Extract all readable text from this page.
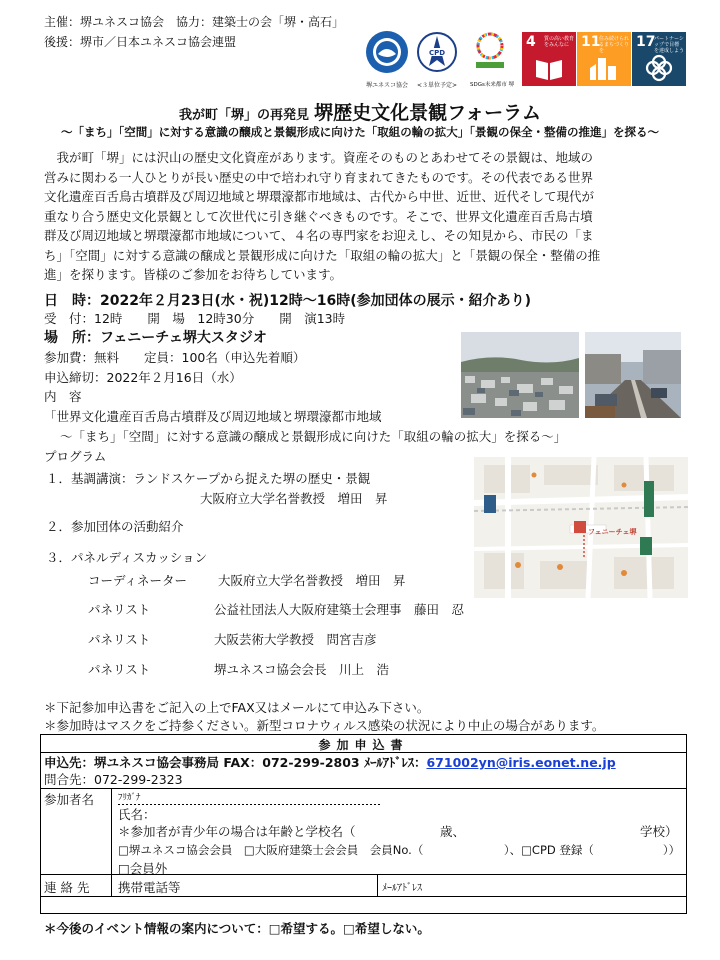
主催：堺ユネスコ協会　協力：建築士の会「堺・高石」
後援：堺市／日本ユネスコ協会連盟
堺ユネスコ協会
CPD
<３単位予定> SDGs未来都市 堺
4 質の高い教育をみんなに 11
住み続けられるまちづくりを
17
パートナーシップで目標を達成しよう
我が町「堺」の再発見 堺歴史文化景観フォーラム
～「まち」「空間」に対する意識の醸成と景観形成に向けた「取組の輪の拡大」「景観の保全・整備の推進」を探る～
　我が町「堺」には沢山の歴史文化資産があります。資産そのものとあわせてその景観は、地域の
営みに関わる一人ひとりが長い歴史の中で培われ守り育まれてきたものです。その代表である世界
文化遺産百舌鳥古墳群及び周辺地域と堺環濠都市地域は、古代から中世、近世、近代そして現代が
重なり合う歴史文化景観として次世代に引き継ぐべきものです。そこで、世界文化遺産百舌鳥古墳
群及び周辺地域と堺環濠都市地域について、４名の専門家をお迎えし、その知見から、市民の「ま
ち」「空間」に対する意識の醸成と景観形成に向けた「取組の輪の拡大」と「景観の保全・整備の推
進」を探ります。皆様のご参加をお待ちしています。
日　時：2022年２月23日(水・祝)12時～16時(参加団体の展示・紹介あり)
受　付：12時　　開　場　12時30分　　開　演13時
場　所：フェニーチェ堺大スタジオ
参加費：無料　　定員：100名（申込先着順）
申込締切：2022年２月16日（水）
内　容
「世界文化遺産百舌鳥古墳群及び周辺地域と堺環濠都市地域
～「まち」「空間」に対する意識の醸成と景観形成に向けた「取組の輪の拡大」を探る～」
プログラム
１．基調講演：ランドスケープから捉えた堺の歴史・景観
大阪府立大学名誉教授　増田　昇
２．参加団体の活動紹介
３．パネルディスカッション
コーディネーター 大阪府立大学名誉教授　増田　昇
パネリスト	公益社団法人大阪府建築士会理事　藤田　忍
パネリスト	大阪芸術大学教授　問宮吉彦
パネリスト	堺ユネスコ協会会長　川上　浩
＊下記参加申込書をご記入の上でFAX又はメールにて申込み下さい。
＊参加時はマスクをご持参ください。新型コロナウィルス感染の状況により中止の場合があります。
フェニーチェ堺
参加申込書
申込先：堺ユネスコ協会事務局 FAX：072-299-2803 ﾒｰﾙｱﾄﾞﾚｽ：671002yn@iris.eonet.ne.jp
問合先：072-299-2323
参加者名	ﾌﾘｶﾞﾅ
氏名：
＊参加者が青少年の場合は年齢と学校名（	歳、	学校）
□堺ユネスコ協会会員　□大阪府建築士会会員　会員No.（　　　　　　　）、□CPD 登録（　　　　　　））
□会員外
連 絡 先 携帯電話等	ﾒｰﾙｱﾄﾞﾚｽ
＊今後のイベント情報の案内について：□希望する。□希望しない。
